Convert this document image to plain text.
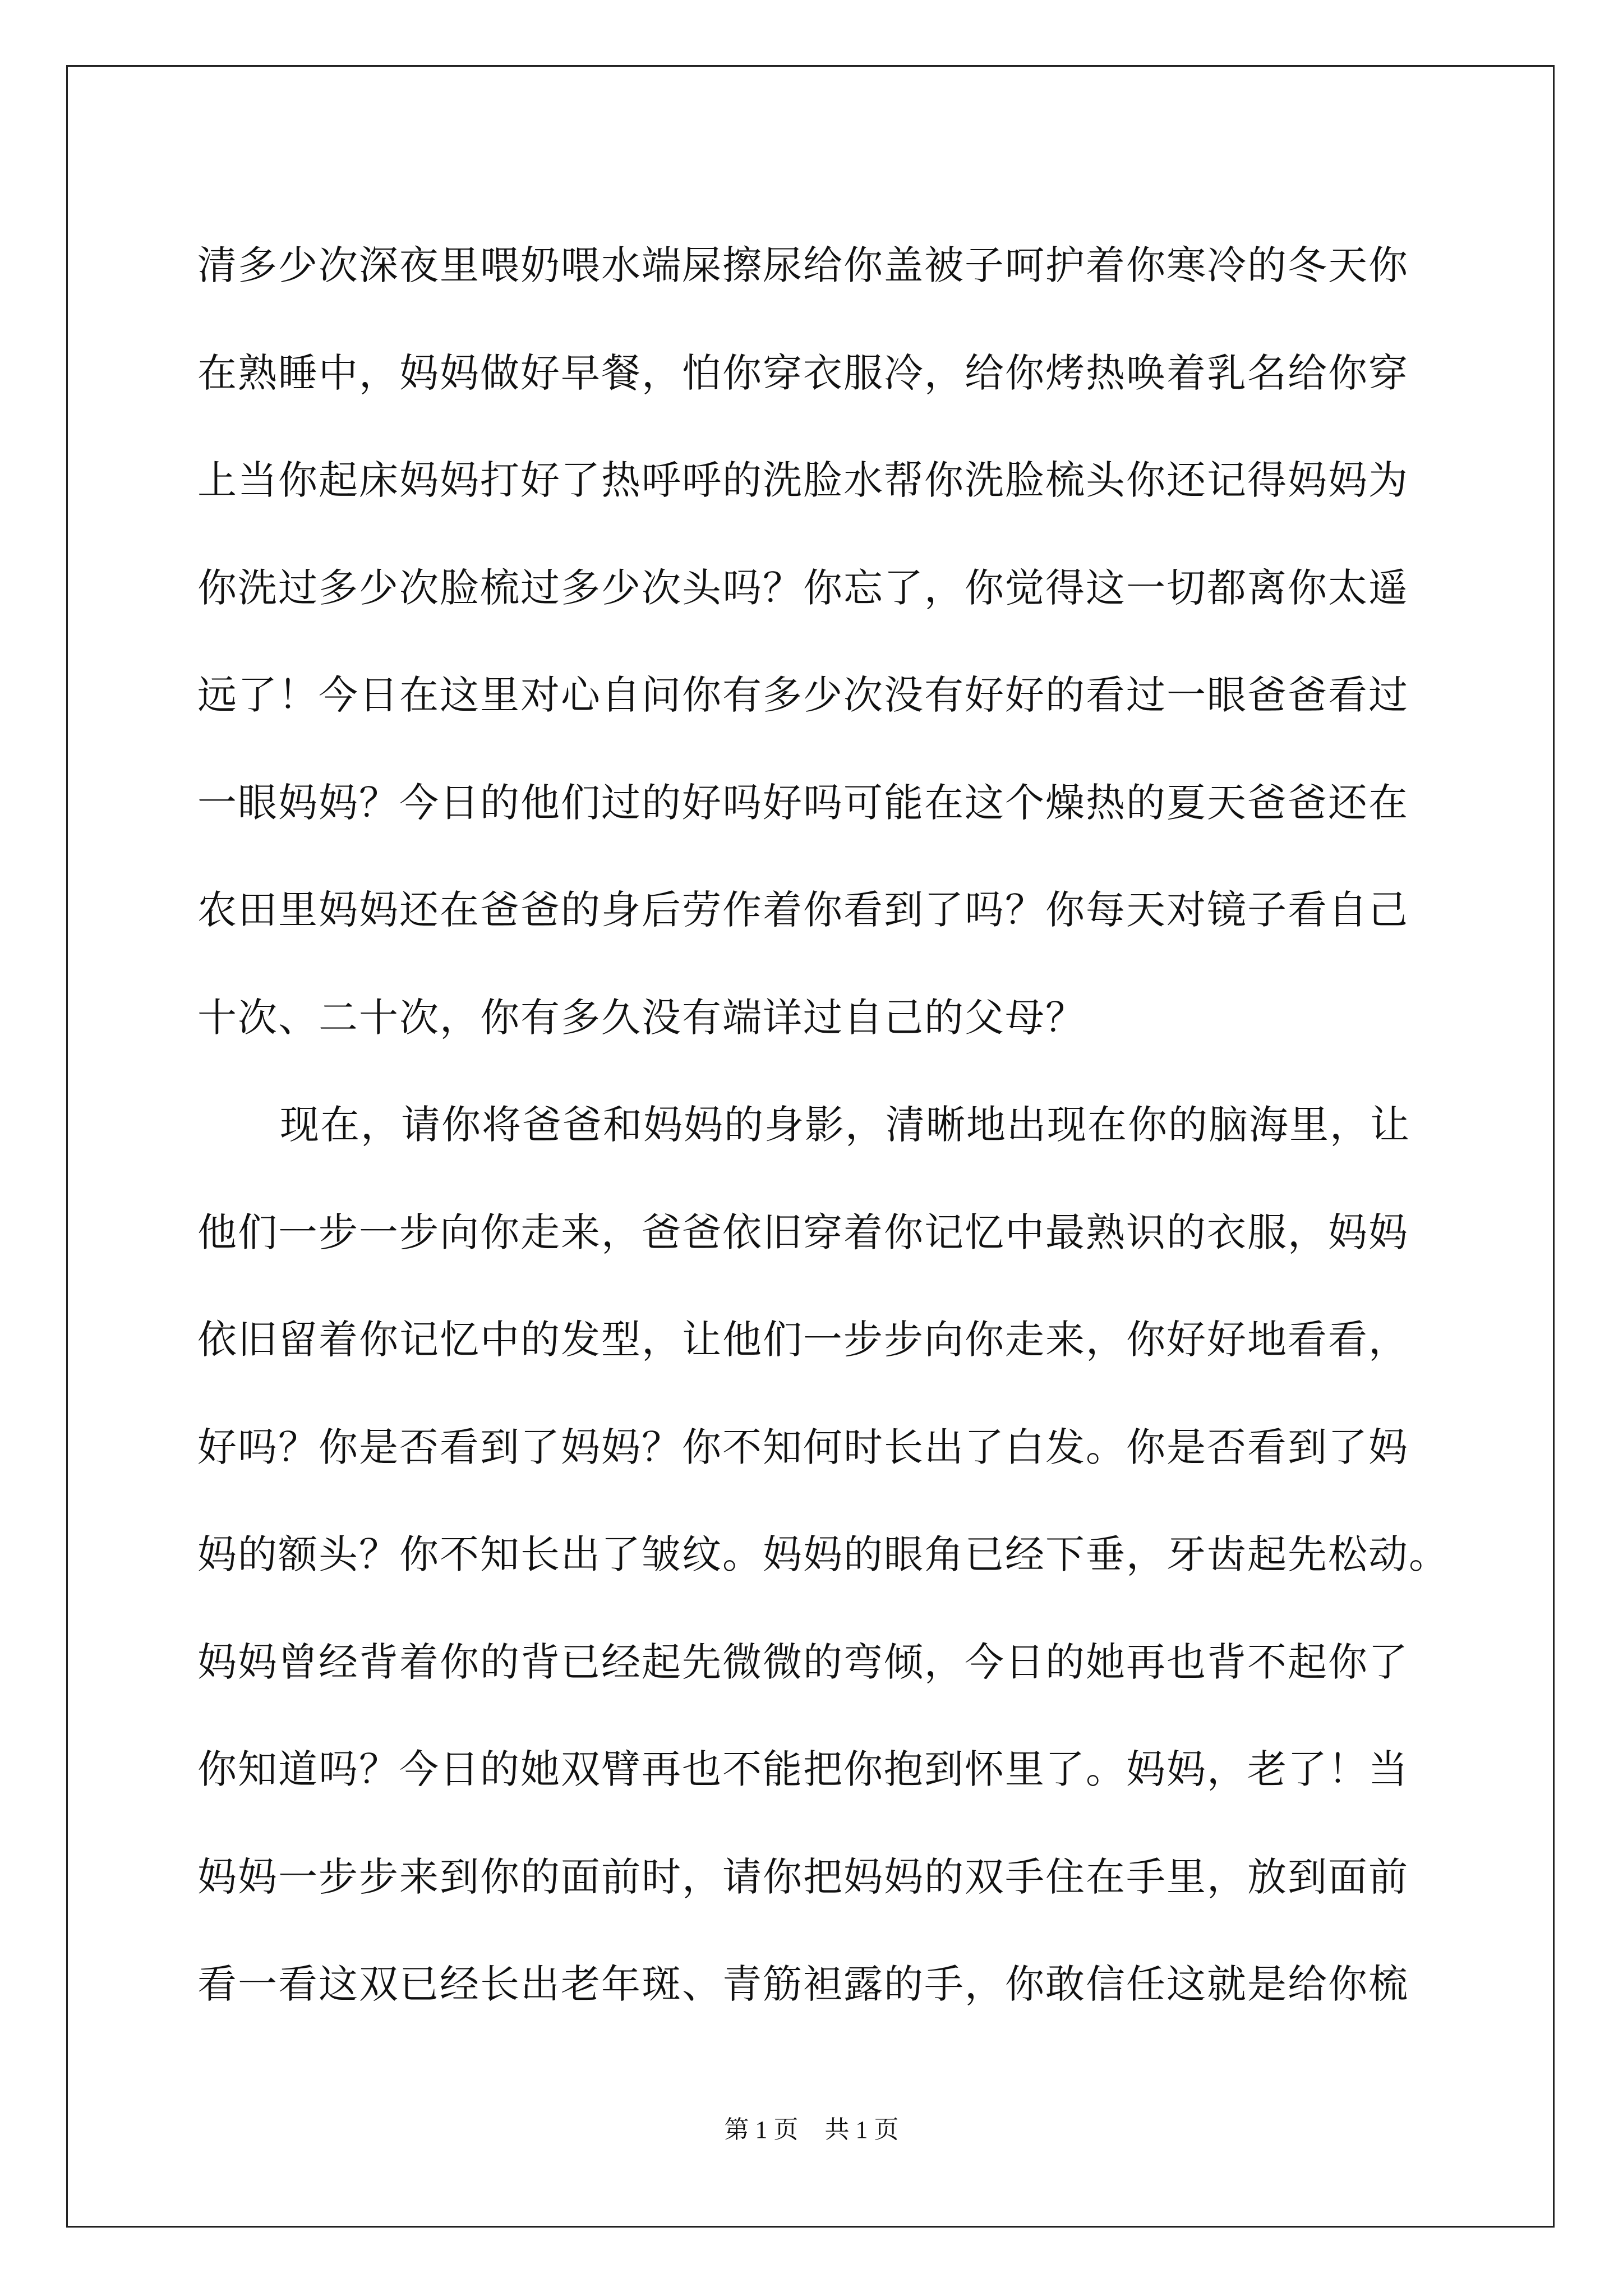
清多少次深夜里喂奶喂水端屎擦尿给你盖被子呵护着你寒冷的冬天你
在熟睡中，妈妈做好早餐，怕你穿衣服冷，给你烤热唤着乳名给你穿
上当你起床妈妈打好了热呼呼的洗脸水帮你洗脸梳头你还记得妈妈为
你洗过多少次脸梳过多少次头吗？你忘了，你觉得这一切都离你太遥
远了！今日在这里对心自问你有多少次没有好好的看过一眼爸爸看过
一眼妈妈？今日的他们过的好吗好吗可能在这个燥热的夏天爸爸还在
农田里妈妈还在爸爸的身后劳作着你看到了吗？你每天对镜子看自己
十次、二十次，你有多久没有端详过自己的父母？
现在，请你将爸爸和妈妈的身影，清晰地出现在你的脑海里，让
他们一步一步向你走来，爸爸依旧穿着你记忆中最熟识的衣服，妈妈
依旧留着你记忆中的发型，让他们一步步向你走来，你好好地看看，
好吗？你是否看到了妈妈？你不知何时长出了白发。你是否看到了妈
妈的额头？你不知长出了皱纹。妈妈的眼角已经下垂，牙齿起先松动。
妈妈曾经背着你的背已经起先微微的弯倾，今日的她再也背不起你了
你知道吗？今日的她双臂再也不能把你抱到怀里了。妈妈，老了！当
妈妈一步步来到你的面前时，请你把妈妈的双手住在手里，放到面前
看一看这双已经长出老年斑、青筋袒露的手，你敢信任这就是给你梳
第 1 页 共 1 页
